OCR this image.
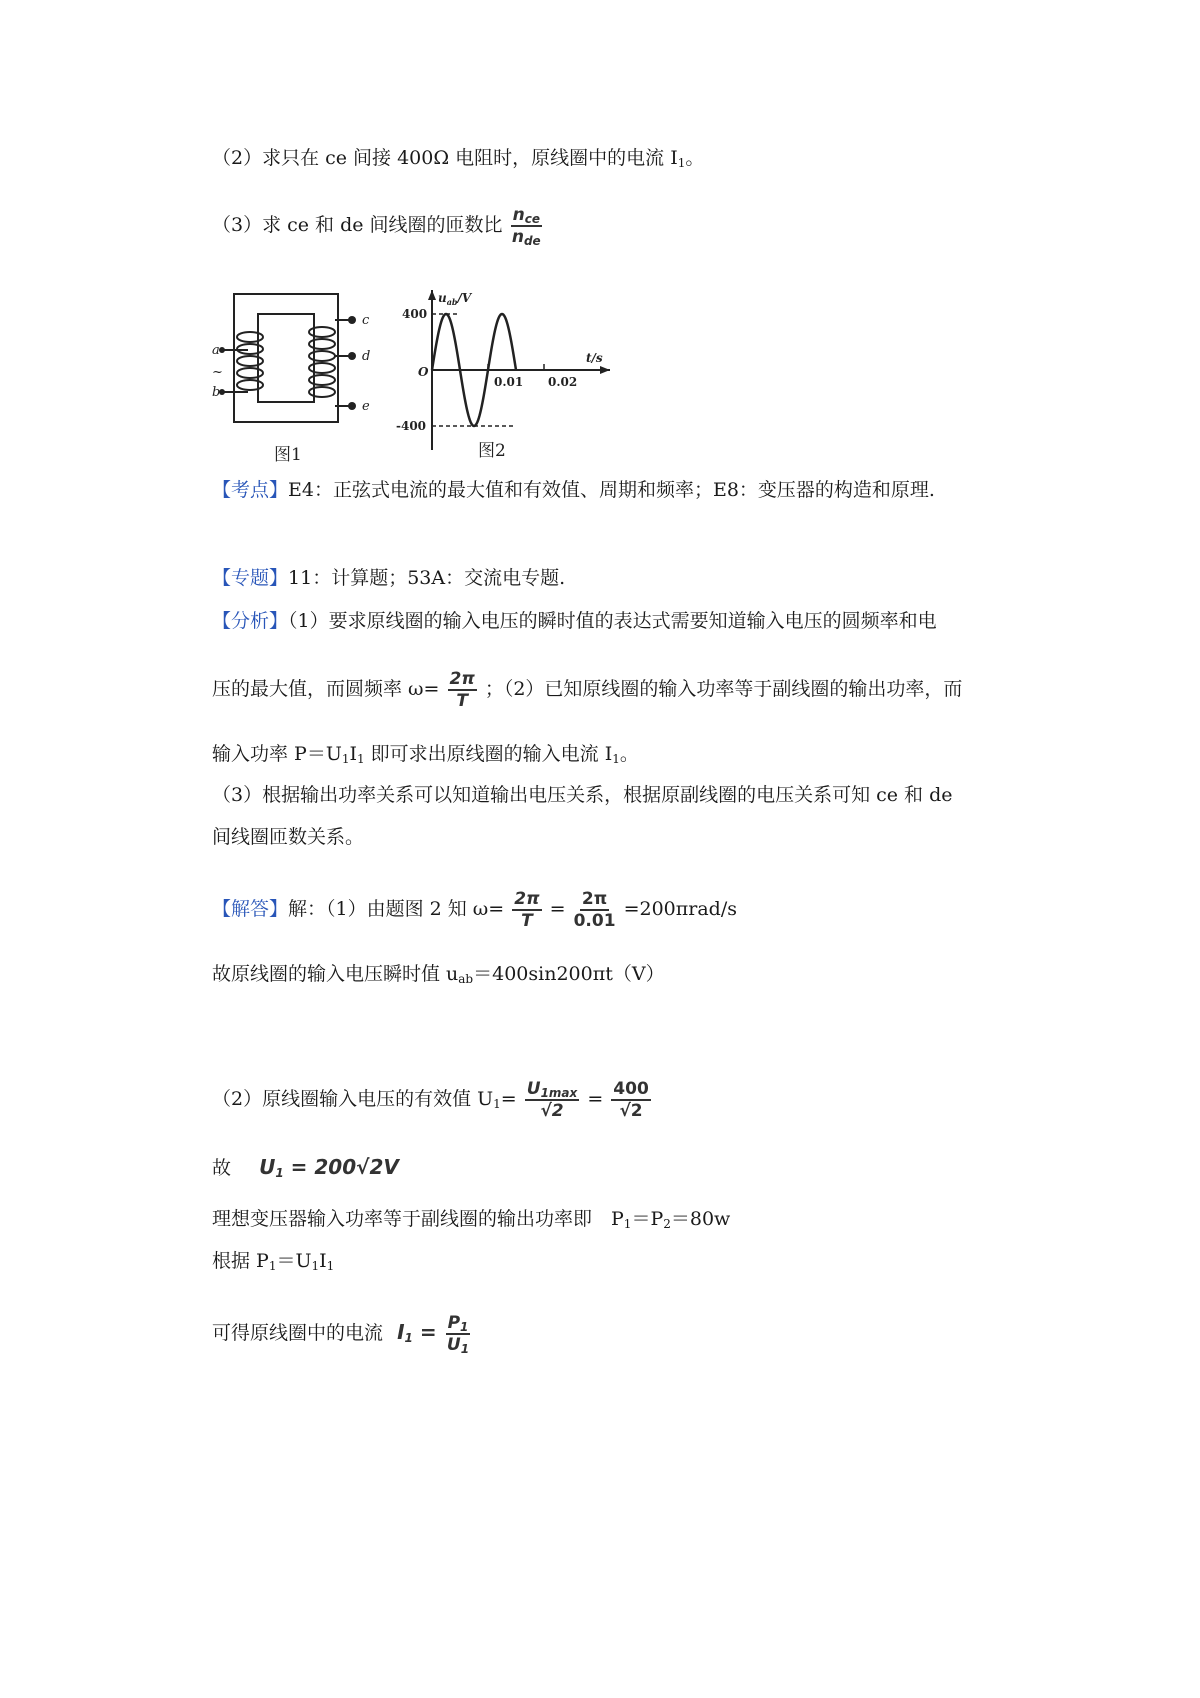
（2）求只在 ce 间接 400Ω 电阻时，原线圈中的电流 $I_1$。
（3）求 ce 和 de 间线圈的匝数比 $\frac{n_{ce}}{n_{de}}$
a
~
b
c
d
e
图1
$u_{ab}/V$
t/s
O
400
-400
0.01 0.02
图2
【考点】E4：正弦式电流的最大值和有效值、周期和频率；E8：变压器的构造和原理.
【专题】11：计算题；53A：交流电专题.
【分析】（1）要求原线圈的输入电压的瞬时值的表达式需要知道输入电压的圆频率和电
压的最大值，而圆频率 $\omega= \frac{2\pi}{T}$ ；（2）已知原线圈的输入功率等于副线圈的输出功率，而
输入功率 $P=U_1I_1$ 即可求出原线圈的输入电流 $I_1$。
（3）根据输出功率关系可以知道输出电压关系，根据原副线圈的电压关系可知 ce 和 de
间线圈匝数关系。
【解答】解：（1）由题图 2 知 $\omega= \frac{2\pi}{T} = \frac{2\pi}{0.01} =200\pi rad/s$
故原线圈的输入电压瞬时值 $u_{ab}=400\sin 200\pi t(V)$
（2）原线圈输入电压的有效值 $U_1= \frac{U_{1max}}{√2} = \frac{400}{√2}$
故 $U_1 = 200√2V$
理想变压器输入功率等于副线圈的输出功率即　$P_1=P_2=80w$
根据 $P_1=U_1I_1$
可得原线圈中的电流 $I_1 = \frac{P_1}{U_1}$
